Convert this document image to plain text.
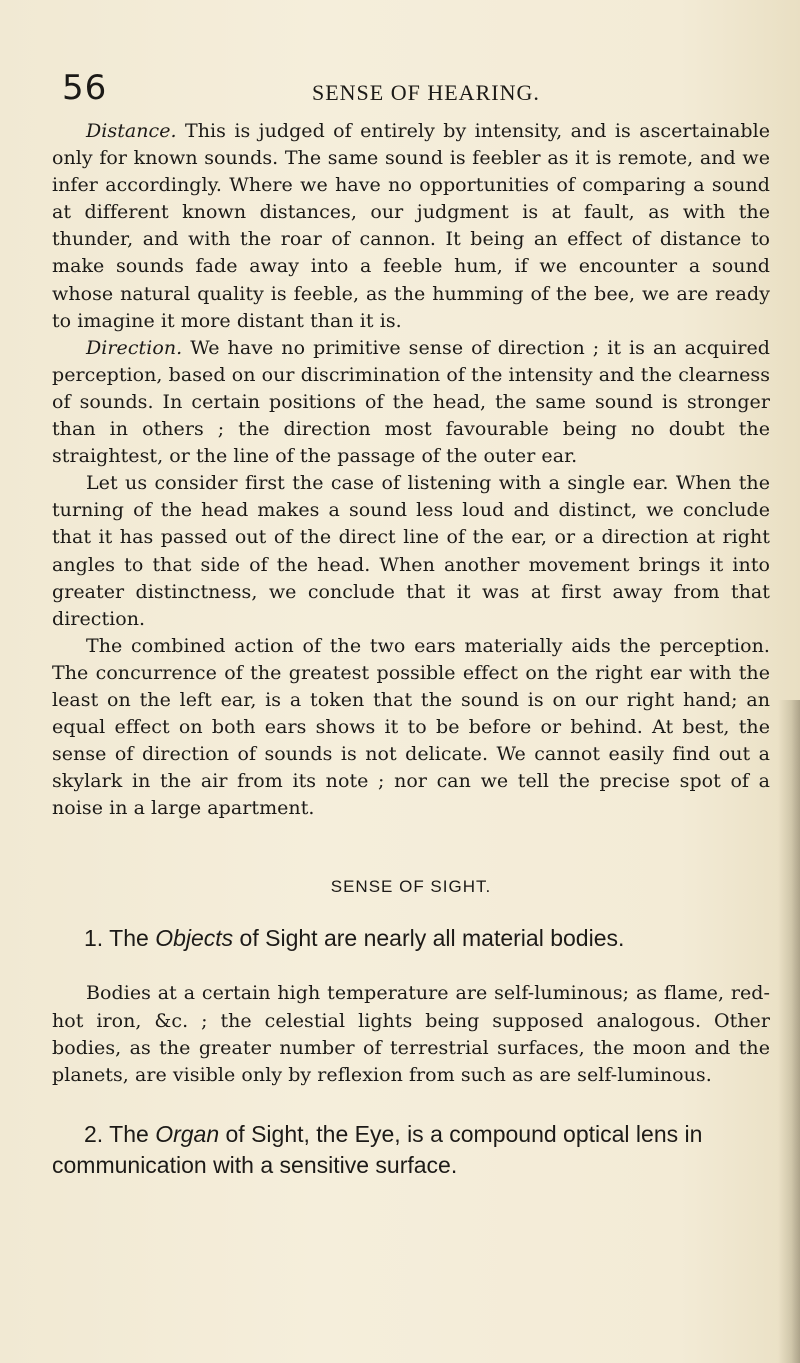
56	SENSE OF HEARING.

Distance. This is judged of entirely by intensity, and is ascertainable only for known sounds. The same sound is feebler as it is remote, and we infer accordingly. Where we have no opportunities of comparing a sound at different known distances, our judgment is at fault, as with the thunder, and with the roar of cannon. It being an effect of distance to make sounds fade away into a feeble hum, if we encounter a sound whose natural quality is feeble, as the humming of the bee, we are ready to imagine it more distant than it is.

Direction. We have no primitive sense of direction ; it is an acquired perception, based on our discrimination of the intensity and the clearness of sounds. In certain positions of the head, the same sound is stronger than in others ; the direction most favourable being no doubt the straightest, or the line of the passage of the outer ear.

Let us consider first the case of listening with a single ear. When the turning of the head makes a sound less loud and distinct, we conclude that it has passed out of the direct line of the ear, or a direction at right angles to that side of the head. When another movement brings it into greater distinctness, we conclude that it was at first away from that direction.

The combined action of the two ears materially aids the perception. The concurrence of the greatest possible effect on the right ear with the least on the left ear, is a token that the sound is on our right hand; an equal effect on both ears shows it to be before or behind. At best, the sense of direction of sounds is not delicate. We cannot easily find out a skylark in the air from its note ; nor can we tell the precise spot of a noise in a large apartment.

SENSE OF SIGHT.

1. The Objects of Sight are nearly all material bodies.

Bodies at a certain high temperature are self-luminous; as flame, red-hot iron, &c. ; the celestial lights being supposed analogous. Other bodies, as the greater number of terrestrial surfaces, the moon and the planets, are visible only by reflexion from such as are self-luminous.

2. The Organ of Sight, the Eye, is a compound optical lens in communication with a sensitive surface.
